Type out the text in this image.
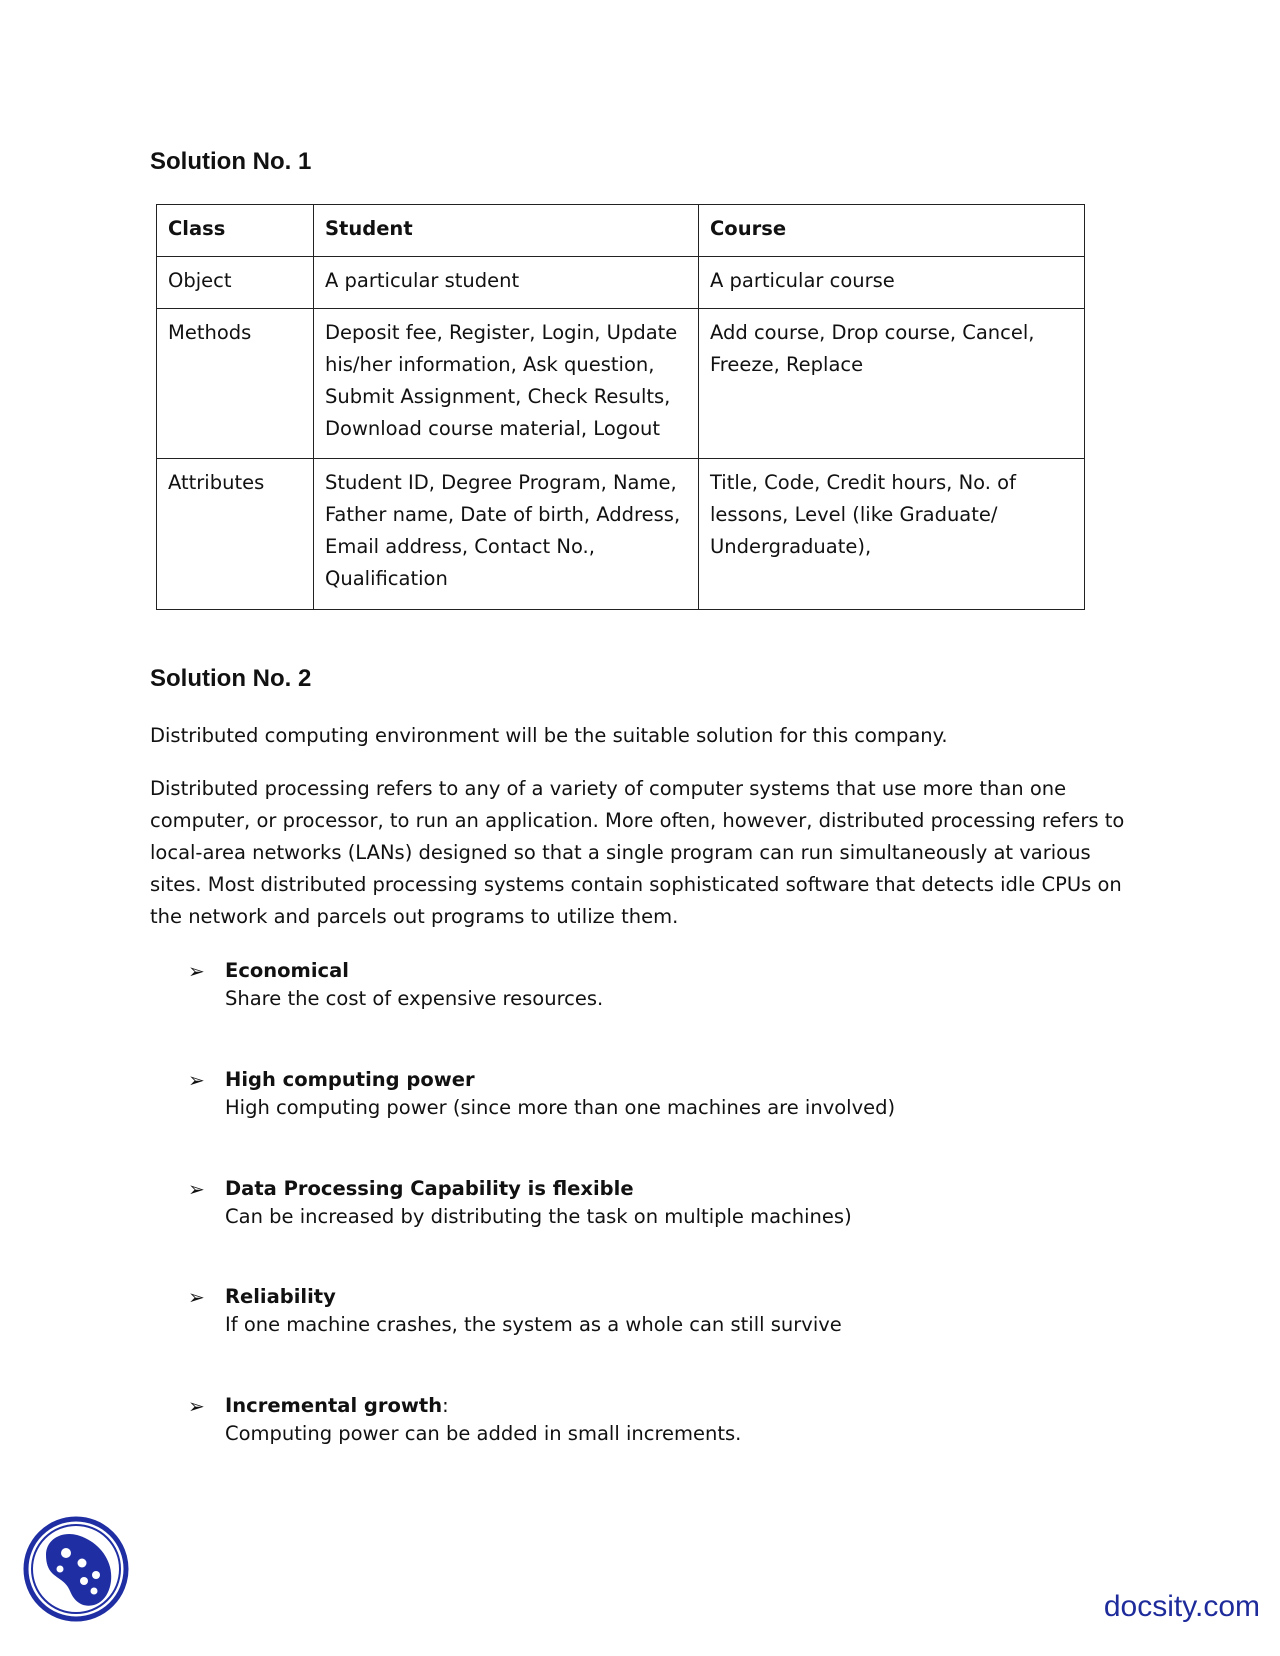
Solution No. 1
Class	Student	Course
Object	A particular student	A particular course
Methods	Deposit fee, Register, Login, Update his/her information, Ask question, Submit Assignment, Check Results, Download course material, Logout	Add course, Drop course, Cancel, Freeze, Replace
Attributes	Student ID, Degree Program, Name, Father name, Date of birth, Address, Email address, Contact No., Qualification	Title, Code, Credit hours, No. of lessons, Level (like Graduate/ Undergraduate),
Solution No. 2

Distributed computing environment will be the suitable solution for this company.

Distributed processing refers to any of a variety of computer systems that use more than one computer, or processor, to run an application. More often, however, distributed processing refers to local-area networks (LANs) designed so that a single program can run simultaneously at various sites. Most distributed processing systems contain sophisticated software that detects idle CPUs on the network and parcels out programs to utilize them.

➢ Economical
Share the cost of expensive resources.
➢ High computing power
High computing power (since more than one machines are involved)
➢ Data Processing Capability is flexible
Can be increased by distributing the task on multiple machines)
➢ Reliability
If one machine crashes, the system as a whole can still survive
➢ Incremental growth:
Computing power can be added in small increments.
docsity.com
